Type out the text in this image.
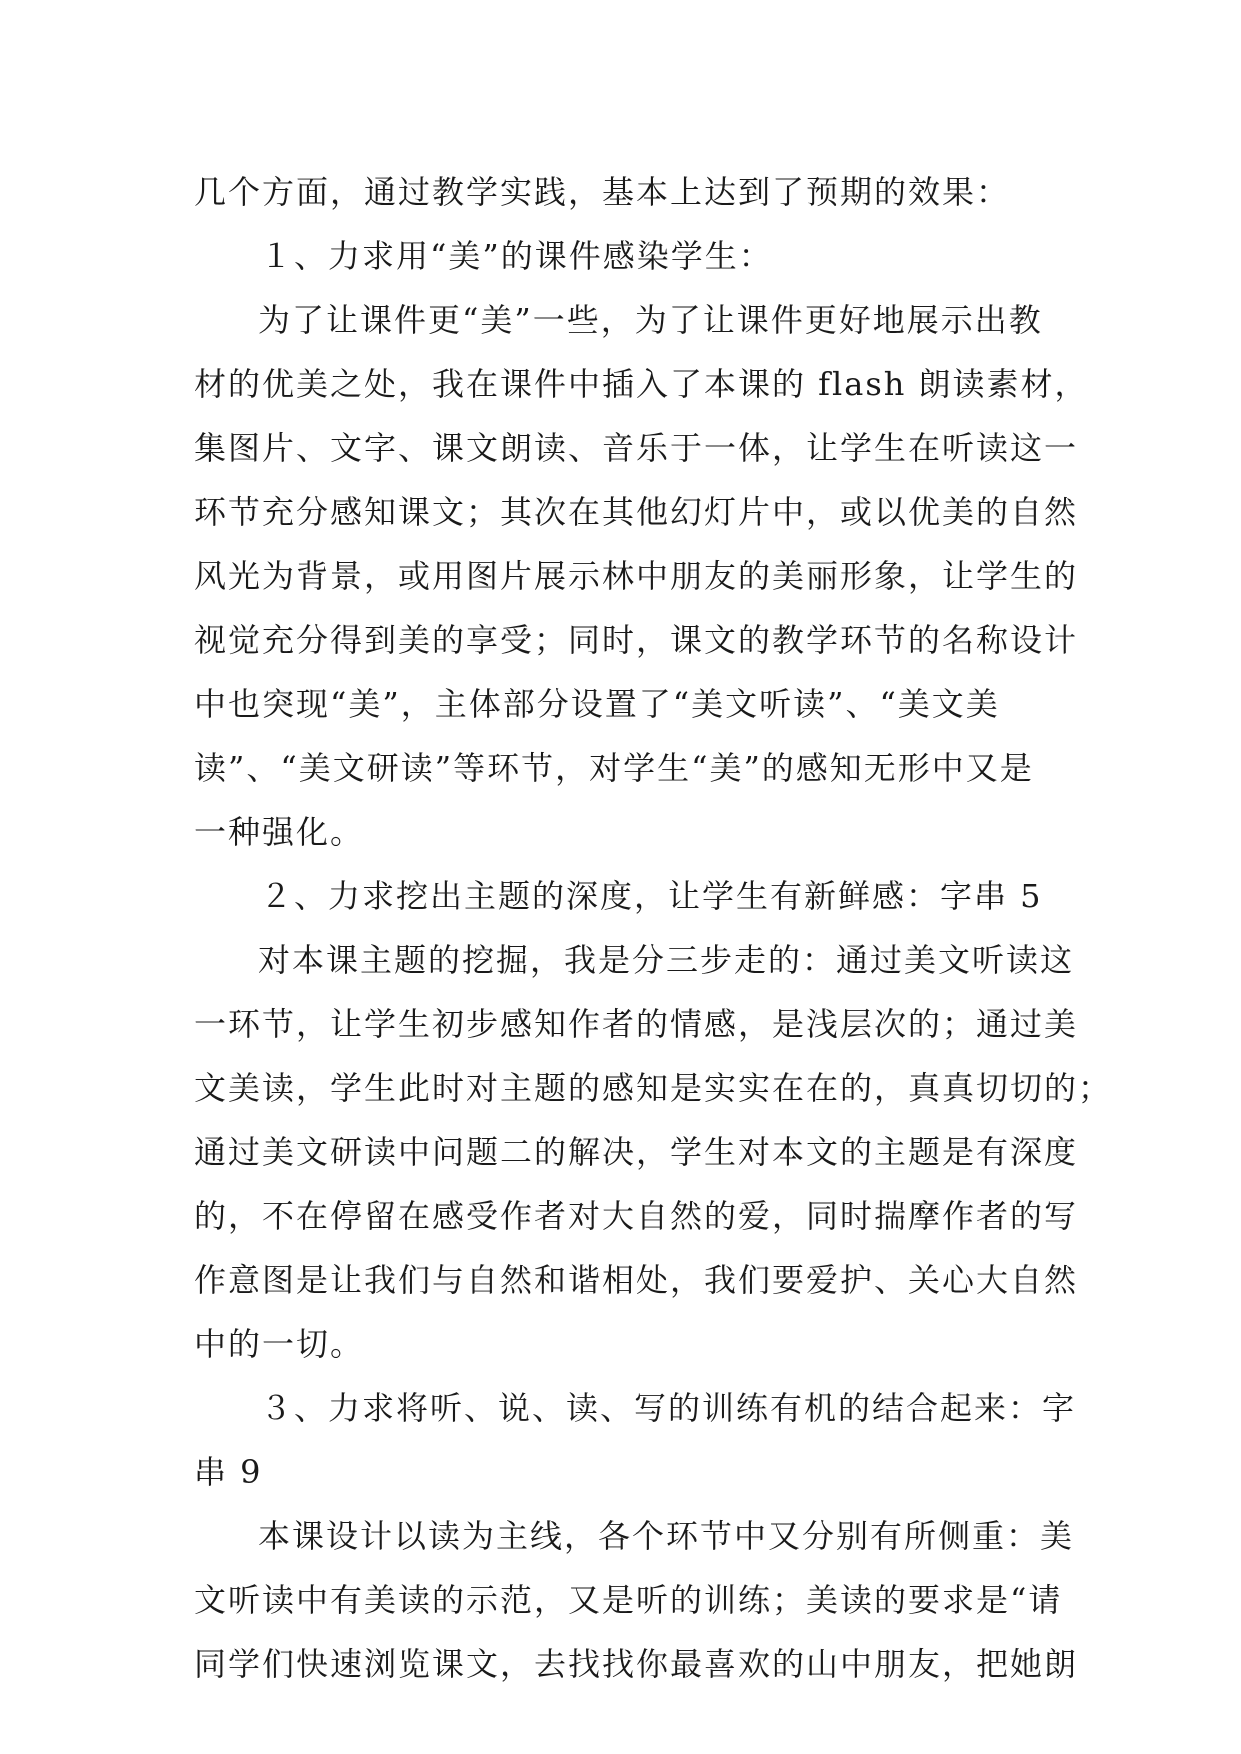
几个方面，通过教学实践，基本上达到了预期的效果：
１、力求用“美”的课件感染学生：
为了让课件更“美”一些，为了让课件更好地展示出教
材的优美之处，我在课件中插入了本课的 flash 朗读素材，
集图片、文字、课文朗读、音乐于一体，让学生在听读这一
环节充分感知课文；其次在其他幻灯片中，或以优美的自然
风光为背景，或用图片展示林中朋友的美丽形象，让学生的
视觉充分得到美的享受；同时，课文的教学环节的名称设计
中也突现“美”，主体部分设置了“美文听读”、“美文美
读”、“美文研读”等环节，对学生“美”的感知无形中又是
一种强化。
２、力求挖出主题的深度，让学生有新鲜感：字串 5
对本课主题的挖掘，我是分三步走的：通过美文听读这
一环节，让学生初步感知作者的情感，是浅层次的；通过美
文美读，学生此时对主题的感知是实实在在的，真真切切的；
通过美文研读中问题二的解决，学生对本文的主题是有深度
的，不在停留在感受作者对大自然的爱，同时揣摩作者的写
作意图是让我们与自然和谐相处，我们要爱护、关心大自然
中的一切。
３、力求将听、说、读、写的训练有机的结合起来：字
串 9
本课设计以读为主线，各个环节中又分别有所侧重：美
文听读中有美读的示范，又是听的训练；美读的要求是“请
同学们快速浏览课文，去找找你最喜欢的山中朋友，把她朗
